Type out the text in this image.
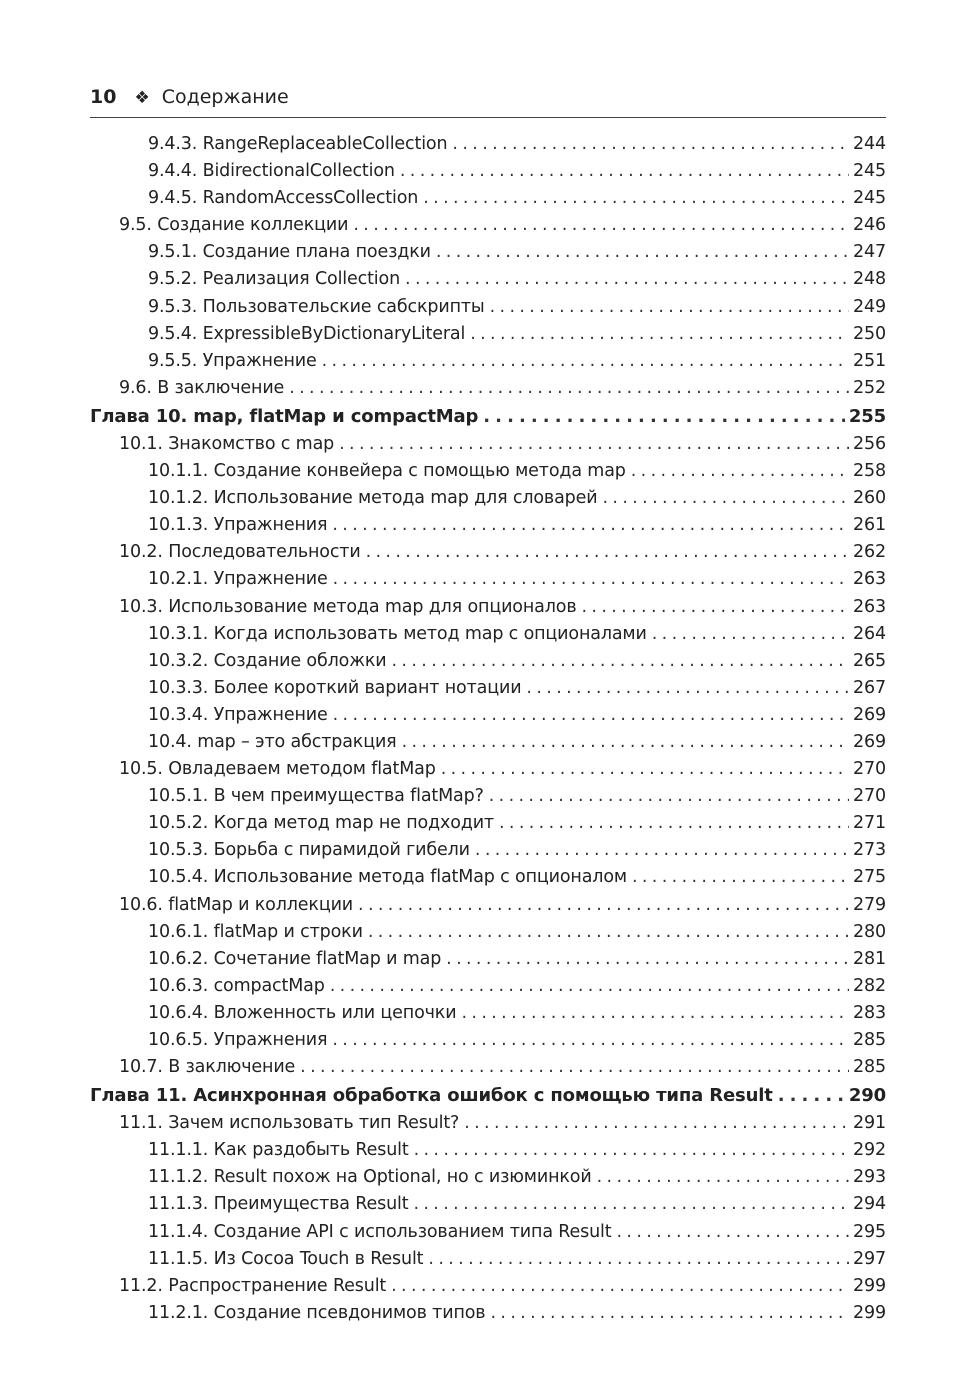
10 ❖ Содержание
9.4.3. RangeReplaceableCollection . . .	244
9.4.4. BidirectionalCollection . . .	245
9.4.5. RandomAccessCollection . . .	245
9.5. Создание коллекции . . .	246
9.5.1. Создание плана поездки . . .	247
9.5.2. Реализация Collection . . .	248
9.5.3. Пользовательские сабскрипты . . .	249
9.5.4. ExpressibleByDictionaryLiteral . . .	250
9.5.5. Упражнение . . .	251
9.6. В заключение . . .	252
Глава 10. map, flatMap и compactMap . . .	255
10.1. Знакомство с map . . .	256
10.1.1. Создание конвейера с помощью метода map . . .	258
10.1.2. Использование метода map для словарей . . .	260
10.1.3. Упражнения . . .	261
10.2. Последовательности . . .	262
10.2.1. Упражнение . . .	263
10.3. Использование метода map для опционалов . . .	263
10.3.1. Когда использовать метод map с опционалами . . .	264
10.3.2. Создание обложки . . .	265
10.3.3. Более короткий вариант нотации . . .	267
10.3.4. Упражнение . . .	269
10.4. map – это абстракция . . .	269
10.5. Овладеваем методом flatMap . . .	270
10.5.1. В чем преимущества flatMap? . . .	270
10.5.2. Когда метод map не подходит . . .	271
10.5.3. Борьба с пирамидой гибели . . .	273
10.5.4. Использование метода flatMap с опционалом . . .	275
10.6. flatMap и коллекции . . .	279
10.6.1. flatMap и строки . . .	280
10.6.2. Сочетание flatMap и map . . .	281
10.6.3. compactMap . . .	282
10.6.4. Вложенность или цепочки . . .	283
10.6.5. Упражнения . . .	285
10.7. В заключение . . .	285
Глава 11. Асинхронная обработка ошибок с помощью типа Result . . .	290
11.1. Зачем использовать тип Result? . . .	291
11.1.1. Как раздобыть Result . . .	292
11.1.2. Result похож на Optional, но с изюминкой . . .	293
11.1.3. Преимущества Result . . .	294
11.1.4. Создание API с использованием типа Result . . .	295
11.1.5. Из Cocoa Touch в Result . . .	297
11.2. Распространение Result . . .	299
11.2.1. Создание псевдонимов типов . . .	299
